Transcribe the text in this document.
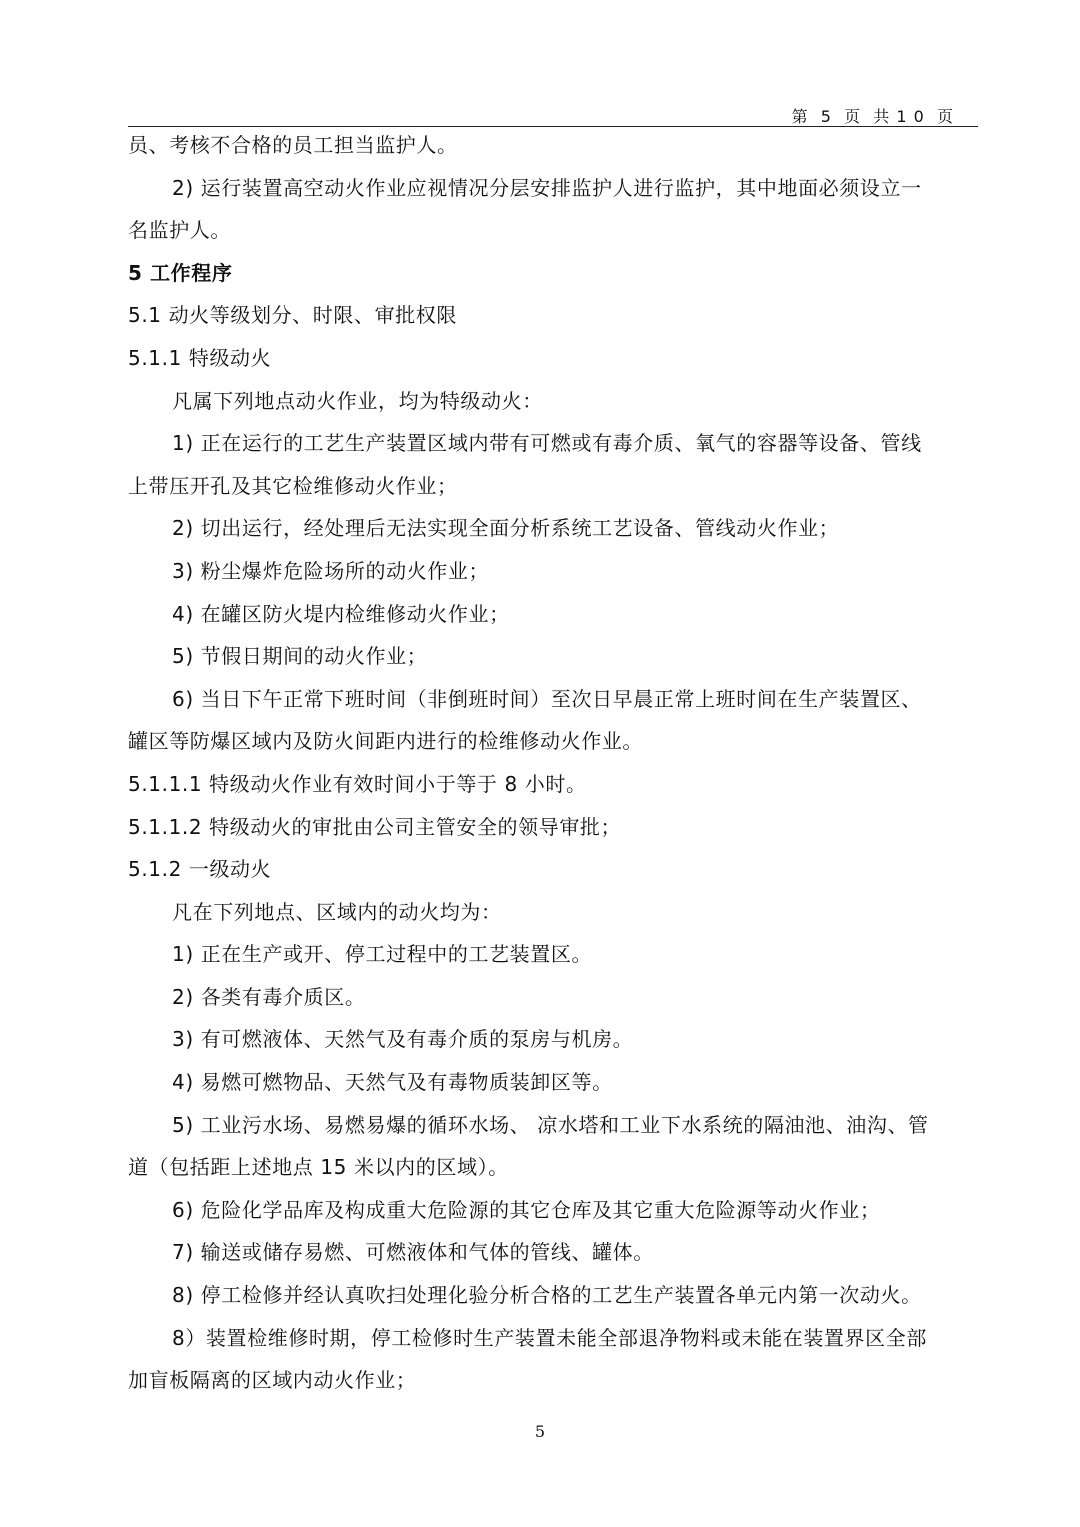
第  5  页  共 1 0  页
员、考核不合格的员工担当监护人。
2) 运行装置高空动火作业应视情况分层安排监护人进行监护，其中地面必须设立一
名监护人。
5 工作程序
5.1 动火等级划分、时限、审批权限
5.1.1 特级动火
凡属下列地点动火作业，均为特级动火：
1) 正在运行的工艺生产装置区域内带有可燃或有毒介质、氧气的容器等设备、管线
上带压开孔及其它检维修动火作业；
2) 切出运行，经处理后无法实现全面分析系统工艺设备、管线动火作业；
3) 粉尘爆炸危险场所的动火作业；
4) 在罐区防火堤内检维修动火作业；
5) 节假日期间的动火作业；
6) 当日下午正常下班时间（非倒班时间）至次日早晨正常上班时间在生产装置区、
罐区等防爆区域内及防火间距内进行的检维修动火作业。
5.1.1.1 特级动火作业有效时间小于等于 8 小时。
5.1.1.2 特级动火的审批由公司主管安全的领导审批；
5.1.2 一级动火
凡在下列地点、区域内的动火均为：
1) 正在生产或开、停工过程中的工艺装置区。
2) 各类有毒介质区。
3) 有可燃液体、天然气及有毒介质的泵房与机房。
4) 易燃可燃物品、天然气及有毒物质装卸区等。
5) 工业污水场、易燃易爆的循环水场、 凉水塔和工业下水系统的隔油池、油沟、管
道（包括距上述地点 15 米以内的区域）。
6) 危险化学品库及构成重大危险源的其它仓库及其它重大危险源等动火作业；
7) 输送或储存易燃、可燃液体和气体的管线、罐体。
8) 停工检修并经认真吹扫处理化验分析合格的工艺生产装置各单元内第一次动火。
8）装置检维修时期，停工检修时生产装置未能全部退净物料或未能在装置界区全部
加盲板隔离的区域内动火作业；
5
